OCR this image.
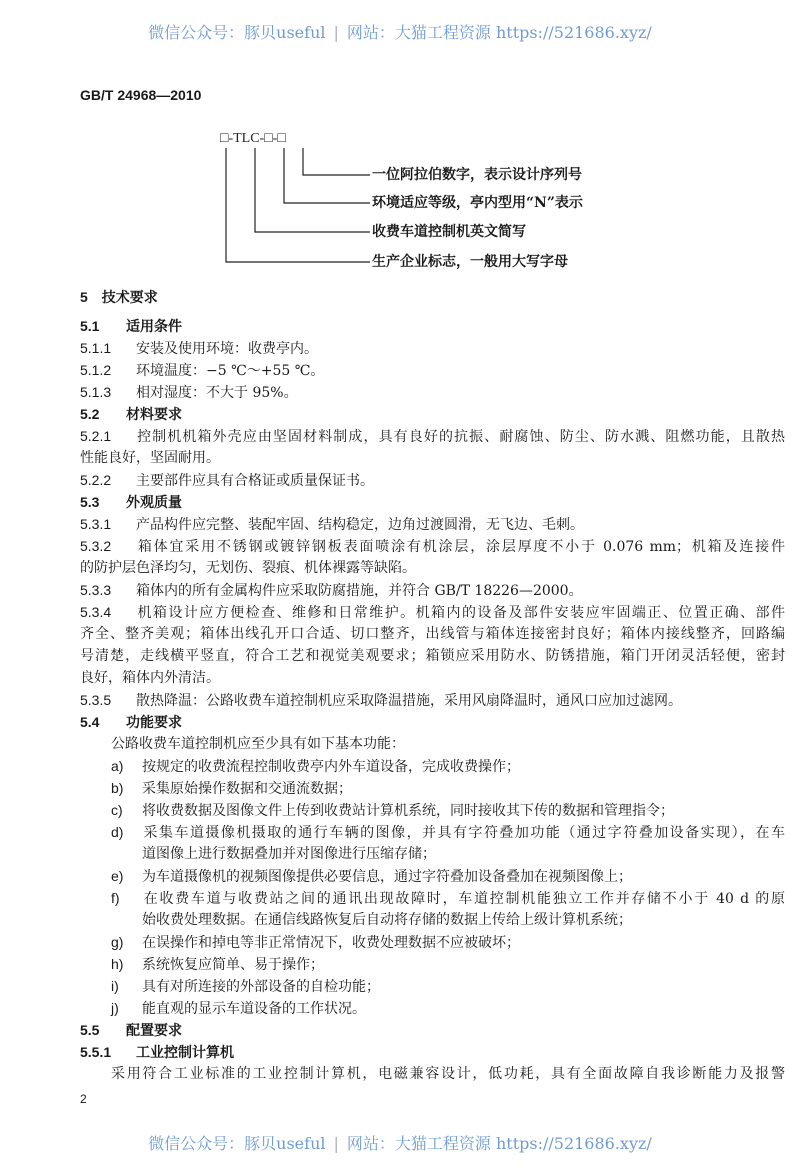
微信公众号：豚贝useful | 网站：大猫工程资源 https://521686.xyz/
GB/T 24968—2010
□-TLC-□-□
一位阿拉伯数字，表示设计序列号
环境适应等级，亭内型用“N”表示
收费车道控制机英文简写
生产企业标志，一般用大写字母
5 技术要求
5.1 适用条件
5.1.1 安装及使用环境：收费亭内。
5.1.2 环境温度：−5 ℃～+55 ℃。
5.1.3 相对湿度：不大于 95%。
5.2 材料要求
5.2.1 控制机机箱外壳应由坚固材料制成，具有良好的抗振、耐腐蚀、防尘、防水溅、阻燃功能，且散热
性能良好，坚固耐用。
5.2.2 主要部件应具有合格证或质量保证书。
5.3 外观质量
5.3.1 产品构件应完整、装配牢固、结构稳定，边角过渡圆滑，无飞边、毛刺。
5.3.2 箱体宜采用不锈钢或镀锌钢板表面喷涂有机涂层，涂层厚度不小于 0.076 mm；机箱及连接件
的防护层色泽均匀，无划伤、裂痕、机体裸露等缺陷。
5.3.3 箱体内的所有金属构件应采取防腐措施，并符合 GB/T 18226—2000。
5.3.4 机箱设计应方便检查、维修和日常维护。机箱内的设备及部件安装应牢固端正、位置正确、部件
齐全、整齐美观；箱体出线孔开口合适、切口整齐，出线管与箱体连接密封良好；箱体内接线整齐，回路编
号清楚，走线横平竖直，符合工艺和视觉美观要求；箱锁应采用防水、防锈措施，箱门开闭灵活轻便，密封
良好，箱体内外清洁。
5.3.5 散热降温：公路收费车道控制机应采取降温措施，采用风扇降温时，通风口应加过滤网。
5.4 功能要求
公路收费车道控制机应至少具有如下基本功能：
a) 按规定的收费流程控制收费亭内外车道设备，完成收费操作；
b) 采集原始操作数据和交通流数据；
c) 将收费数据及图像文件上传到收费站计算机系统，同时接收其下传的数据和管理指令；
d) 采集车道摄像机摄取的通行车辆的图像，并具有字符叠加功能（通过字符叠加设备实现），在车
道图像上进行数据叠加并对图像进行压缩存储；
e) 为车道摄像机的视频图像提供必要信息，通过字符叠加设备叠加在视频图像上；
f) 在收费车道与收费站之间的通讯出现故障时，车道控制机能独立工作并存储不小于 40 d 的原
始收费处理数据。在通信线路恢复后自动将存储的数据上传给上级计算机系统；
g) 在误操作和掉电等非正常情况下，收费处理数据不应被破坏；
h) 系统恢复应简单、易于操作；
i) 具有对所连接的外部设备的自检功能；
j) 能直观的显示车道设备的工作状况。
5.5 配置要求
5.5.1 工业控制计算机
采用符合工业标准的工业控制计算机，电磁兼容设计，低功耗，具有全面故障自我诊断能力及报警
2
微信公众号：豚贝useful | 网站：大猫工程资源 https://521686.xyz/
